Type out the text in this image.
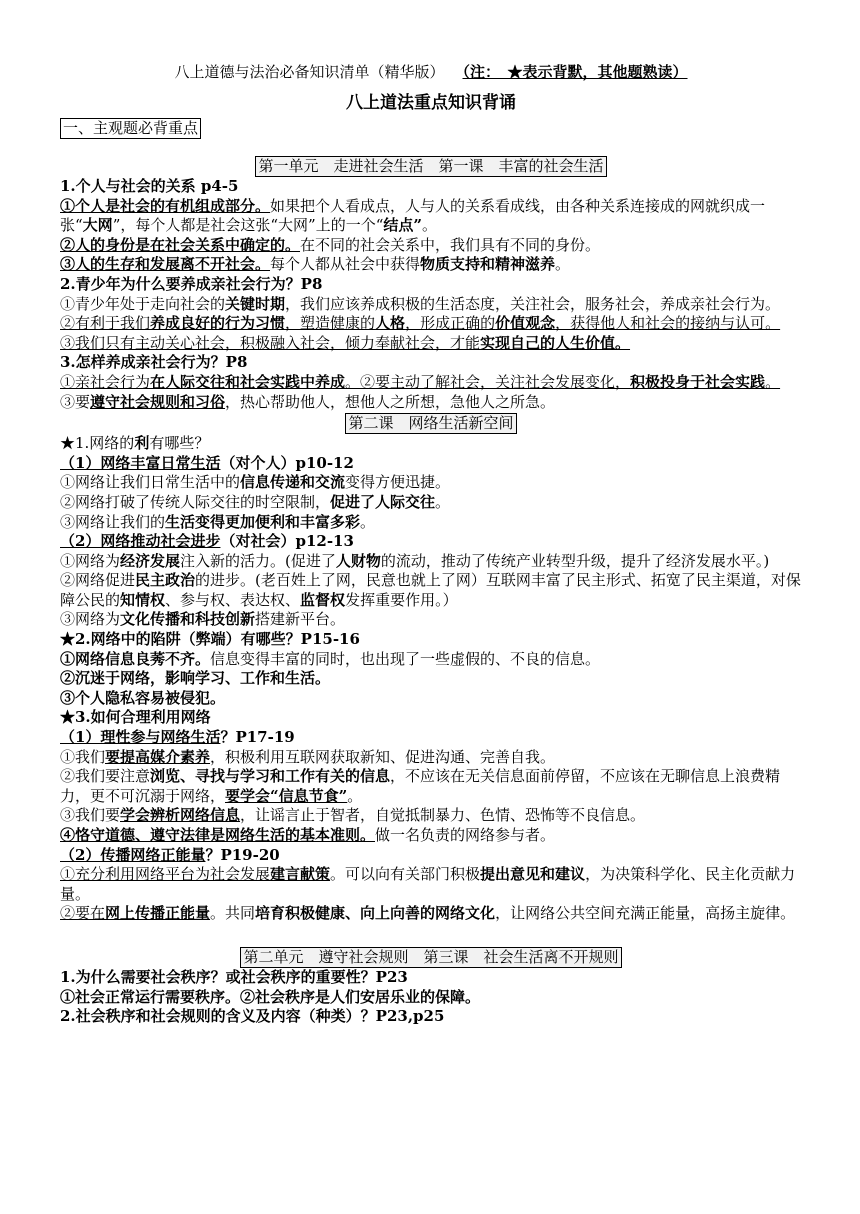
八上道德与法治必备知识清单（精华版） （注：　★表示背默，其他题熟读）
八上道法重点知识背诵
一、主观题必背重点
第一单元　走进社会生活　第一课　丰富的社会生活
1.个人与社会的关系 p4-5
①个人是社会的有机组成部分。如果把个人看成点，人与人的关系看成线，由各种关系连接成的网就织成一张“大网”，每个人都是社会这张“大网”上的一个“结点”。
②人的身份是在社会关系中确定的。在不同的社会关系中，我们具有不同的身份。
③人的生存和发展离不开社会。每个人都从社会中获得物质支持和精神滋养。
2.青少年为什么要养成亲社会行为？P8
①青少年处于走向社会的关键时期，我们应该养成积极的生活态度，关注社会，服务社会，养成亲社会行为。
②有利于我们养成良好的行为习惯，塑造健康的人格，形成正确的价值观念，获得他人和社会的接纳与认可。
③我们只有主动关心社会，积极融入社会，倾力奉献社会，才能实现自己的人生价值。
3.怎样养成亲社会行为？P8
①亲社会行为在人际交往和社会实践中养成。②要主动了解社会，关注社会发展变化，积极投身于社会实践。
③要遵守社会规则和习俗，热心帮助他人，想他人之所想，急他人之所急。
第二课　网络生活新空间
★1.网络的利有哪些？
（1）网络丰富日常生活（对个人）p10-12
①网络让我们日常生活中的信息传递和交流变得方便迅捷。
②网络打破了传统人际交往的时空限制，促进了人际交往。
③网络让我们的生活变得更加便利和丰富多彩。
（2）网络推动社会进步（对社会）p12-13
①网络为经济发展注入新的活力。(促进了人财物的流动，推动了传统产业转型升级，提升了经济发展水平。)
②网络促进民主政治的进步。(老百姓上了网，民意也就上了网）互联网丰富了民主形式、拓宽了民主渠道，对保障公民的知情权、参与权、表达权、监督权发挥重要作用。）
③网络为文化传播和科技创新搭建新平台。
★2.网络中的陷阱（弊端）有哪些？P15-16
①网络信息良莠不齐。信息变得丰富的同时，也出现了一些虚假的、不良的信息。
②沉迷于网络，影响学习、工作和生活。
③个人隐私容易被侵犯。
★3.如何合理利用网络
（1）理性参与网络生活？P17-19
①我们要提高媒介素养，积极利用互联网获取新知、促进沟通、完善自我。
②我们要注意浏览、寻找与学习和工作有关的信息，不应该在无关信息面前停留，不应该在无聊信息上浪费精力，更不可沉溺于网络，要学会“信息节食”。
③我们要学会辨析网络信息，让谣言止于智者，自觉抵制暴力、色情、恐怖等不良信息。
④恪守道德、遵守法律是网络生活的基本准则。做一名负责的网络参与者。
（2）传播网络正能量？P19-20
①充分利用网络平台为社会发展建言献策。可以向有关部门积极提出意见和建议，为决策科学化、民主化贡献力量。
②要在网上传播正能量。共同培育积极健康、向上向善的网络文化，让网络公共空间充满正能量，高扬主旋律。
第二单元　遵守社会规则　第三课　社会生活离不开规则
1.为什么需要社会秩序？或社会秩序的重要性？P23
①社会正常运行需要秩序。②社会秩序是人们安居乐业的保障。
2.社会秩序和社会规则的含义及内容（种类）？P23,p25
